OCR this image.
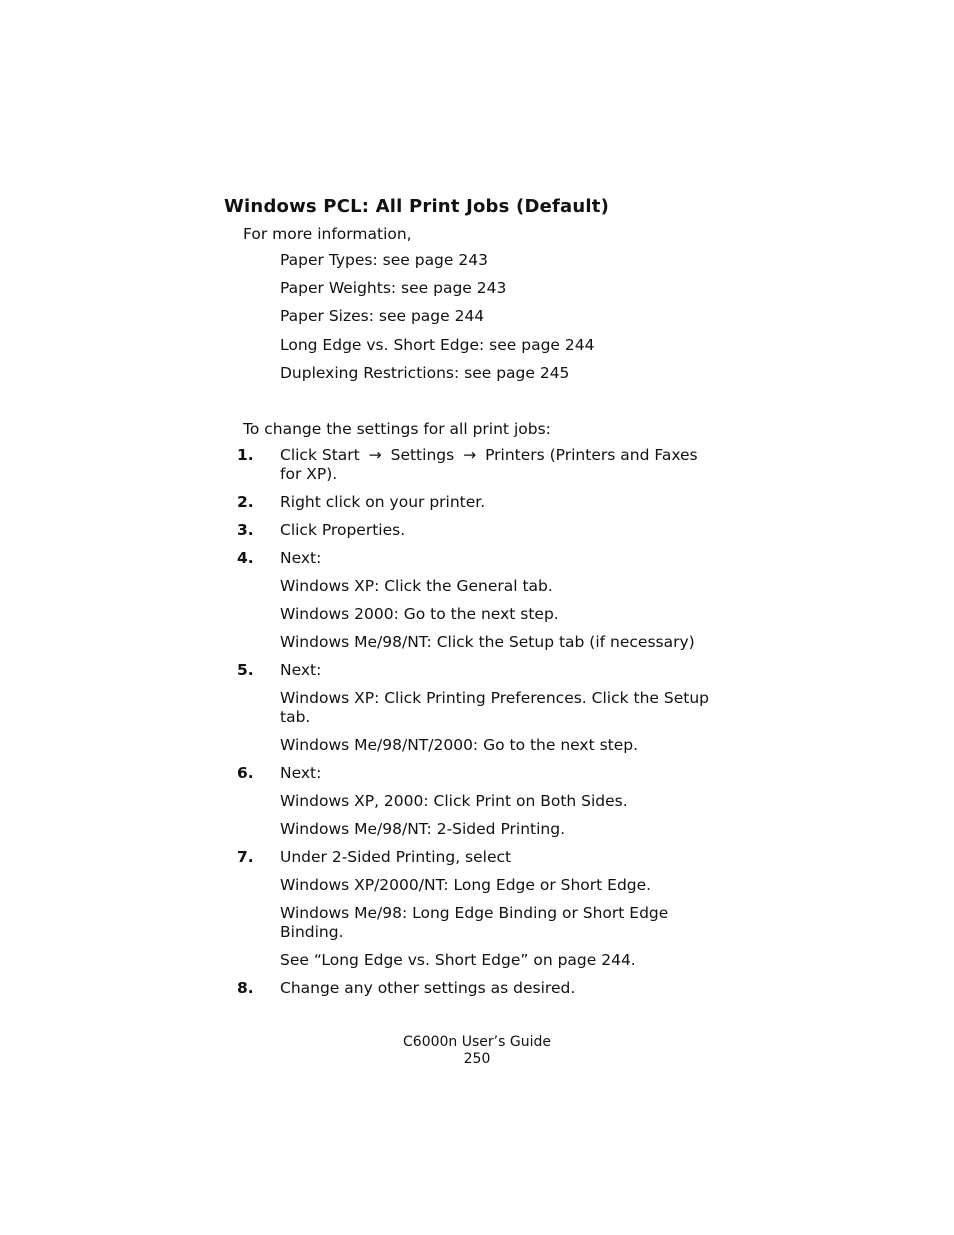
Windows PCL: All Print Jobs (Default)
For more information,
Paper Types: see page 243
Paper Weights: see page 243
Paper Sizes: see page 244
Long Edge vs. Short Edge: see page 244
Duplexing Restrictions: see page 245
To change the settings for all print jobs:
1. Click Start → Settings → Printers (Printers and Faxes
for XP).
2. Right click on your printer.
3. Click Properties.
4. Next:
Windows XP: Click the General tab.
Windows 2000: Go to the next step.
Windows Me/98/NT: Click the Setup tab (if necessary)
5. Next:
Windows XP: Click Printing Preferences. Click the Setup
tab.
Windows Me/98/NT/2000: Go to the next step.
6. Next:
Windows XP, 2000: Click Print on Both Sides.
Windows Me/98/NT: 2-Sided Printing.
7. Under 2-Sided Printing, select
Windows XP/2000/NT: Long Edge or Short Edge.
Windows Me/98: Long Edge Binding or Short Edge
Binding.
See “Long Edge vs. Short Edge” on page 244.
8. Change any other settings as desired.
C6000n User’s Guide
250
